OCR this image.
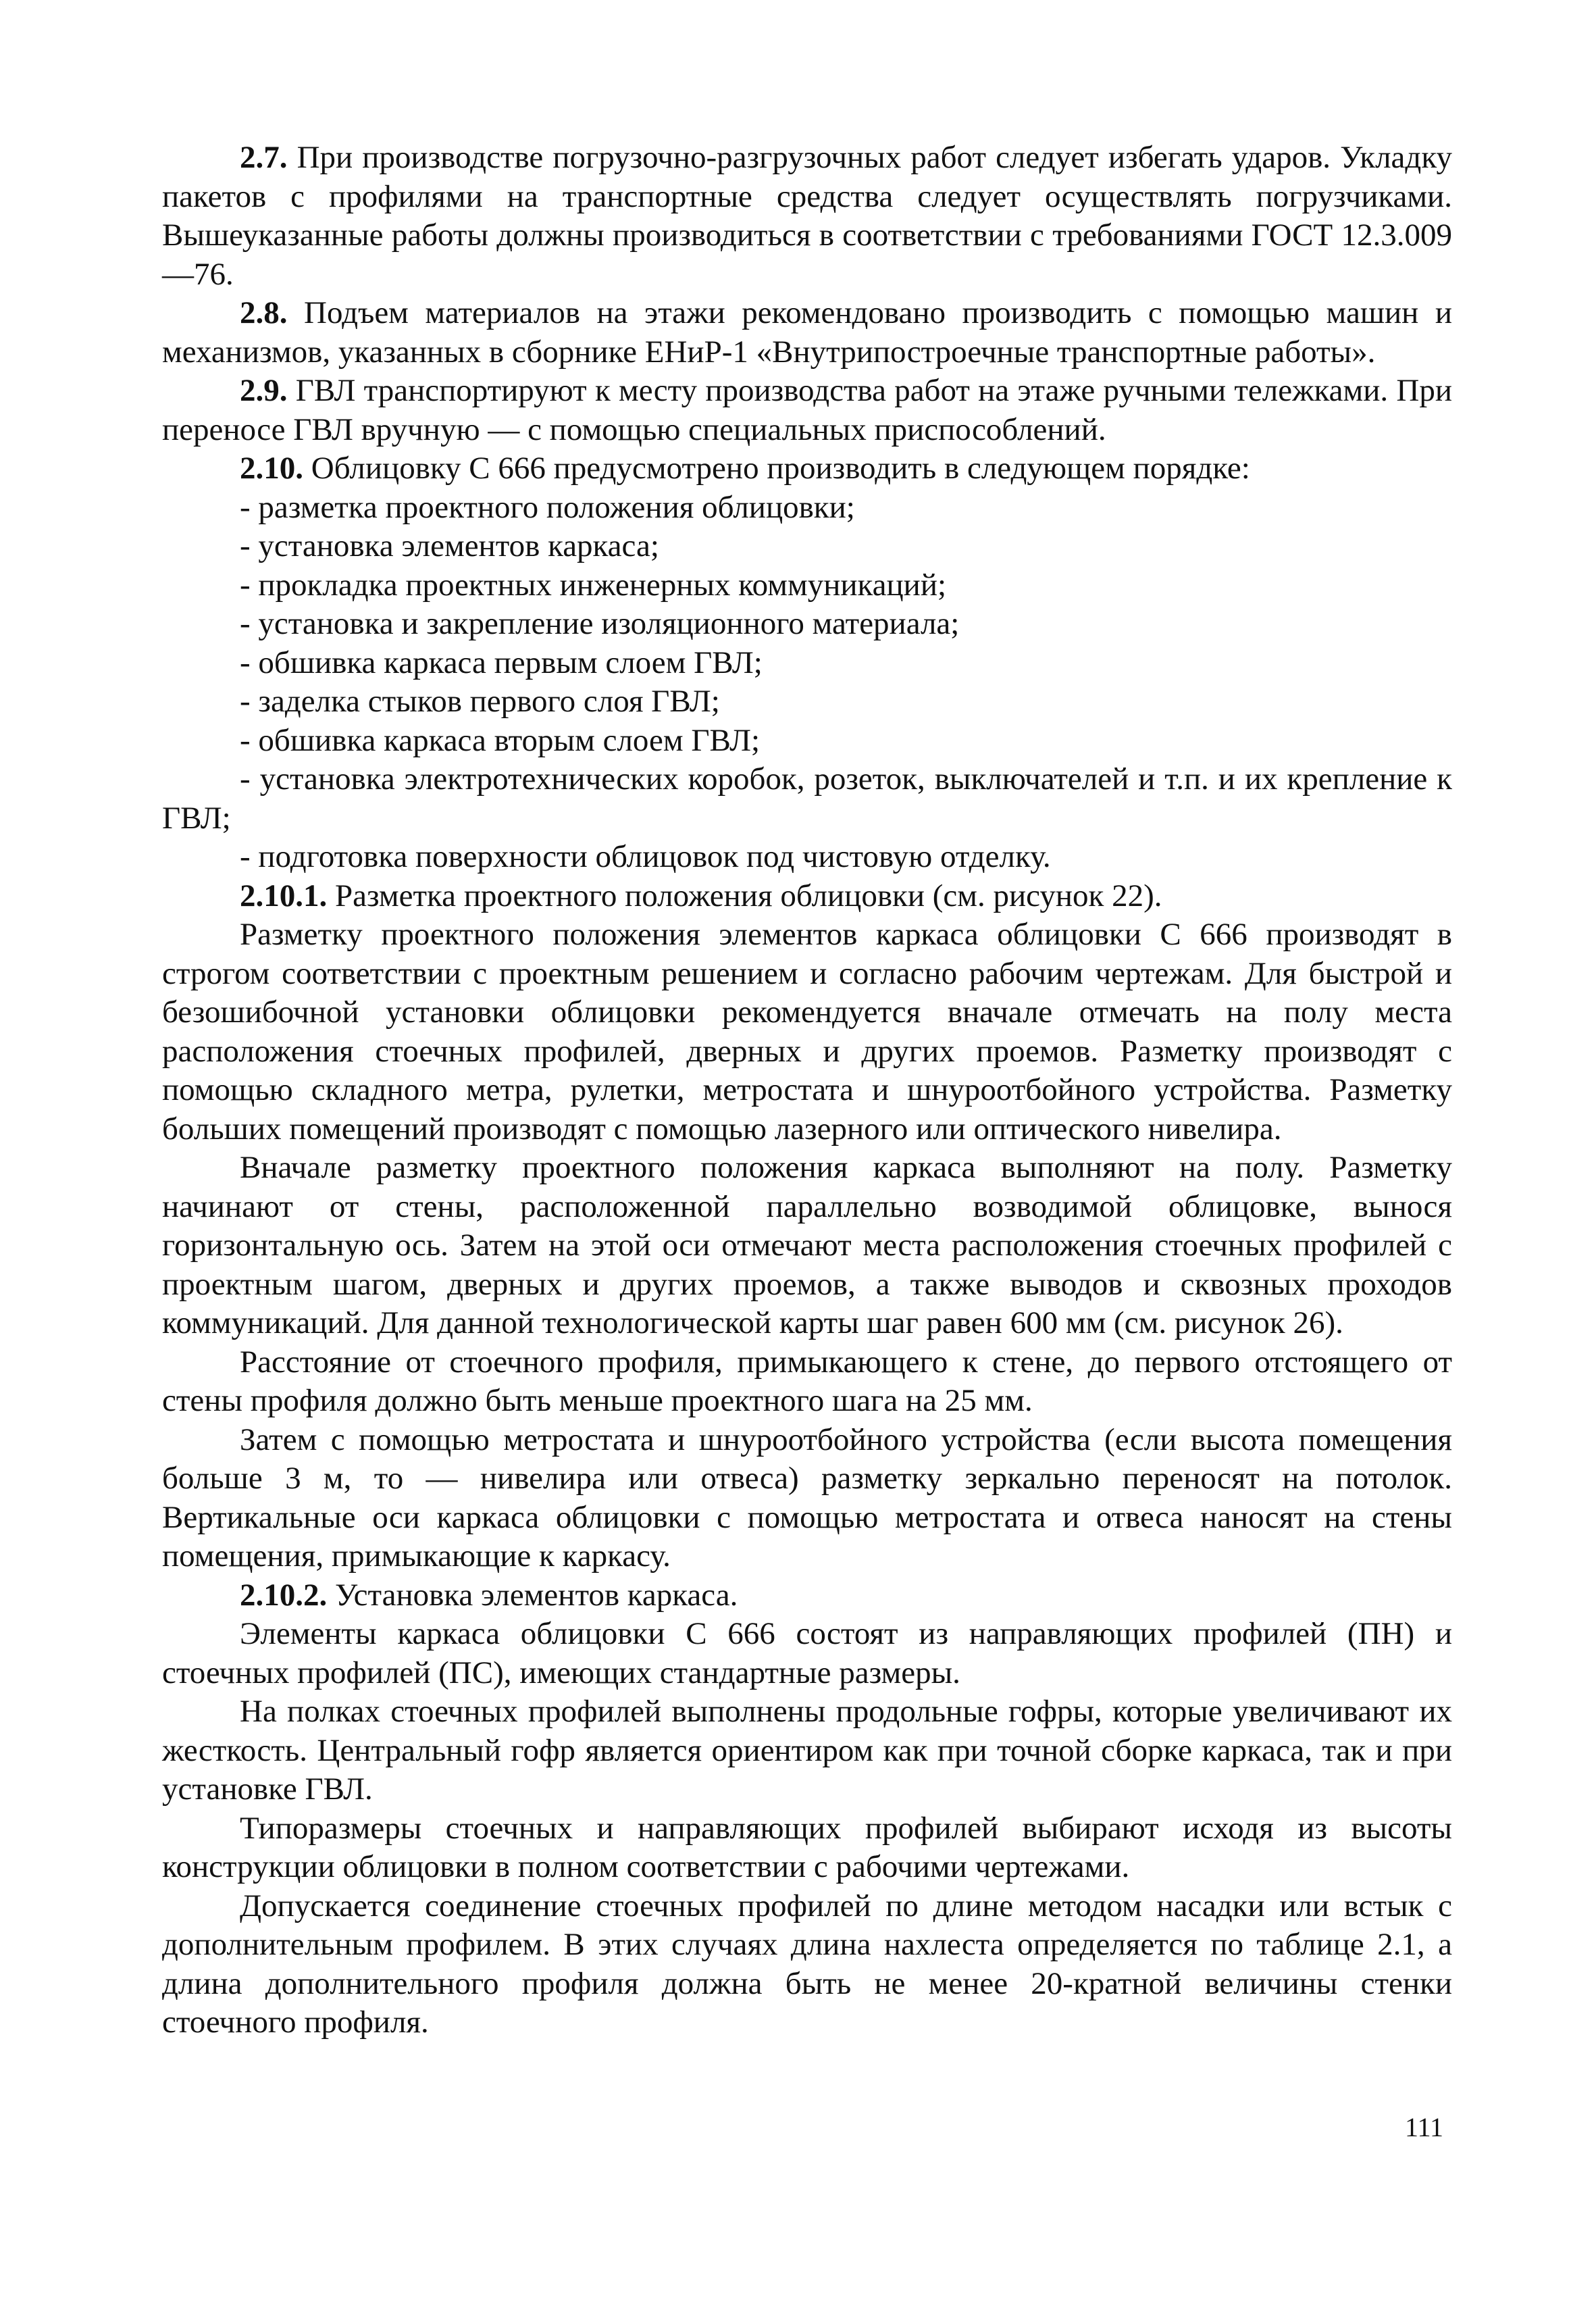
2.7. При производстве погрузочно-разгрузочных работ следует избегать ударов. Укладку пакетов с профилями на транспортные средства следует осуществлять погрузчиками. Вышеуказанные работы должны производиться в соответствии с требованиями ГОСТ 12.3.009—76.

2.8. Подъем материалов на этажи рекомендовано производить с помощью машин и механизмов, указанных в сборнике ЕНиР-1 «Внутрипостроечные транспортные работы».

2.9. ГВЛ транспортируют к месту производства работ на этаже ручными тележками. При переносе ГВЛ вручную — с помощью специальных приспособлений.

2.10. Облицовку С 666 предусмотрено производить в следующем порядке:

- разметка проектного положения облицовки;

- установка элементов каркаса;

- прокладка проектных инженерных коммуникаций;

- установка и закрепление изоляционного материала;

- обшивка каркаса первым слоем ГВЛ;

- заделка стыков первого слоя ГВЛ;

- обшивка каркаса вторым слоем ГВЛ;

- установка электротехнических коробок, розеток, выключателей и т.п. и их крепление к ГВЛ;

- подготовка поверхности облицовок под чистовую отделку.

2.10.1. Разметка проектного положения облицовки (см. рисунок 22).

Разметку проектного положения элементов каркаса облицовки С 666 производят в строгом соответствии с проектным решением и согласно рабочим чертежам. Для быстрой и безошибочной установки облицовки рекомендуется вначале отмечать на полу места расположения стоечных профилей, дверных и других проемов. Разметку производят с помощью складного метра, рулетки, метростата и шнуроотбойного устройства. Разметку больших помещений производят с помощью лазерного или оптического нивелира.

Вначале разметку проектного положения каркаса выполняют на полу. Разметку начинают от стены, расположенной параллельно возводимой облицовке, вынося горизонтальную ось. Затем на этой оси отмечают места расположения стоечных профилей с проектным шагом, дверных и других проемов, а также выводов и сквозных проходов коммуникаций. Для данной технологической карты шаг равен 600 мм (см. рисунок 26).

Расстояние от стоечного профиля, примыкающего к стене, до первого отстоящего от стены профиля должно быть меньше проектного шага на 25 мм.

Затем с помощью метростата и шнуроотбойного устройства (если высота помещения больше 3 м, то — нивелира или отвеса) разметку зеркально переносят на потолок. Вертикальные оси каркаса облицовки с помощью метростата и отвеса наносят на стены помещения, примыкающие к каркасу.

2.10.2. Установка элементов каркаса.

Элементы каркаса облицовки С 666 состоят из направляющих профилей (ПН) и стоечных профилей (ПС), имеющих стандартные размеры.

На полках стоечных профилей выполнены продольные гофры, которые увеличивают их жесткость. Центральный гофр является ориентиром как при точной сборке каркаса, так и при установке ГВЛ.

Типоразмеры стоечных и направляющих профилей выбирают исходя из высоты конструкции облицовки в полном соответствии с рабочими чертежами.

Допускается соединение стоечных профилей по длине методом насадки или встык с дополнительным профилем. В этих случаях длина нахлеста определяется по таблице 2.1, а длина дополнительного профиля должна быть не менее 20-кратной величины стенки стоечного профиля.

111
